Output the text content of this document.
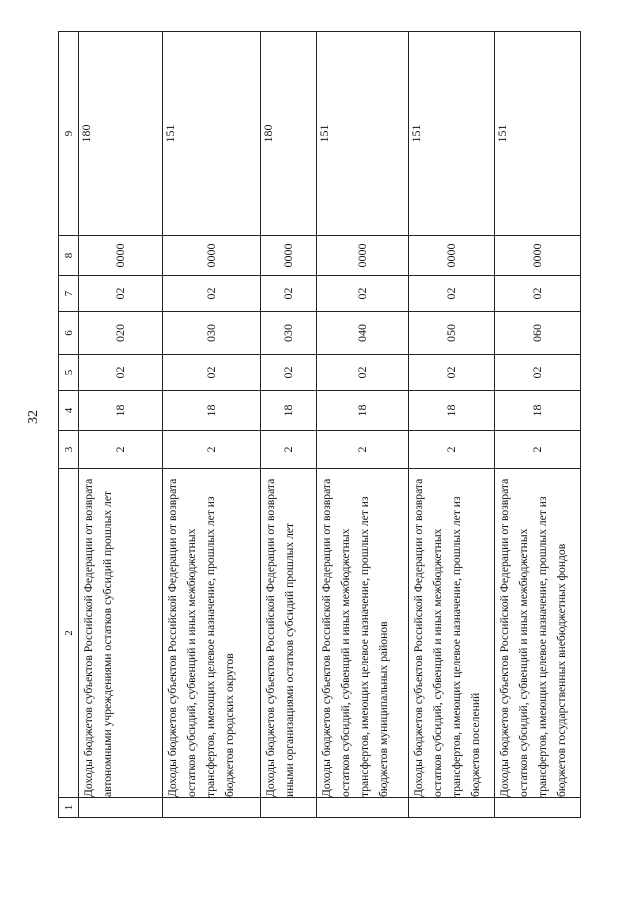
32
1	2	3	4	5	6	7	8	9
	Доходы бюджетов субъектов Российской Федерации от возврата автономными учреждениями остатков субсидий прошлых лет	2	18	02	020	02	0000	180
	Доходы бюджетов субъектов Российской Федерации от возврата остатков субсидий, субвенций и иных межбюджетных трансфертов, имеющих целевое назначение, прошлых лет из бюджетов городских округов	2	18	02	030	02	0000	151
	Доходы бюджетов субъектов Российской Федерации от возврата иными организациями остатков субсидий прошлых лет	2	18	02	030	02	0000	180
	Доходы бюджетов субъектов Российской Федерации от возврата остатков субсидий, субвенций и иных межбюджетных трансфертов, имеющих целевое назначение, прошлых лет из бюджетов муниципальных районов	2	18	02	040	02	0000	151
	Доходы бюджетов субъектов Российской Федерации от возврата остатков субсидий, субвенций и иных межбюджетных трансфертов, имеющих целевое назначение, прошлых лет из бюджетов поселений	2	18	02	050	02	0000	151
	Доходы бюджетов субъектов Российской Федерации от возврата остатков субсидий, субвенций и иных межбюджетных трансфертов, имеющих целевое назначение, прошлых лет из бюджетов государственных внебюджетных фондов	2	18	02	060	02	0000	151
